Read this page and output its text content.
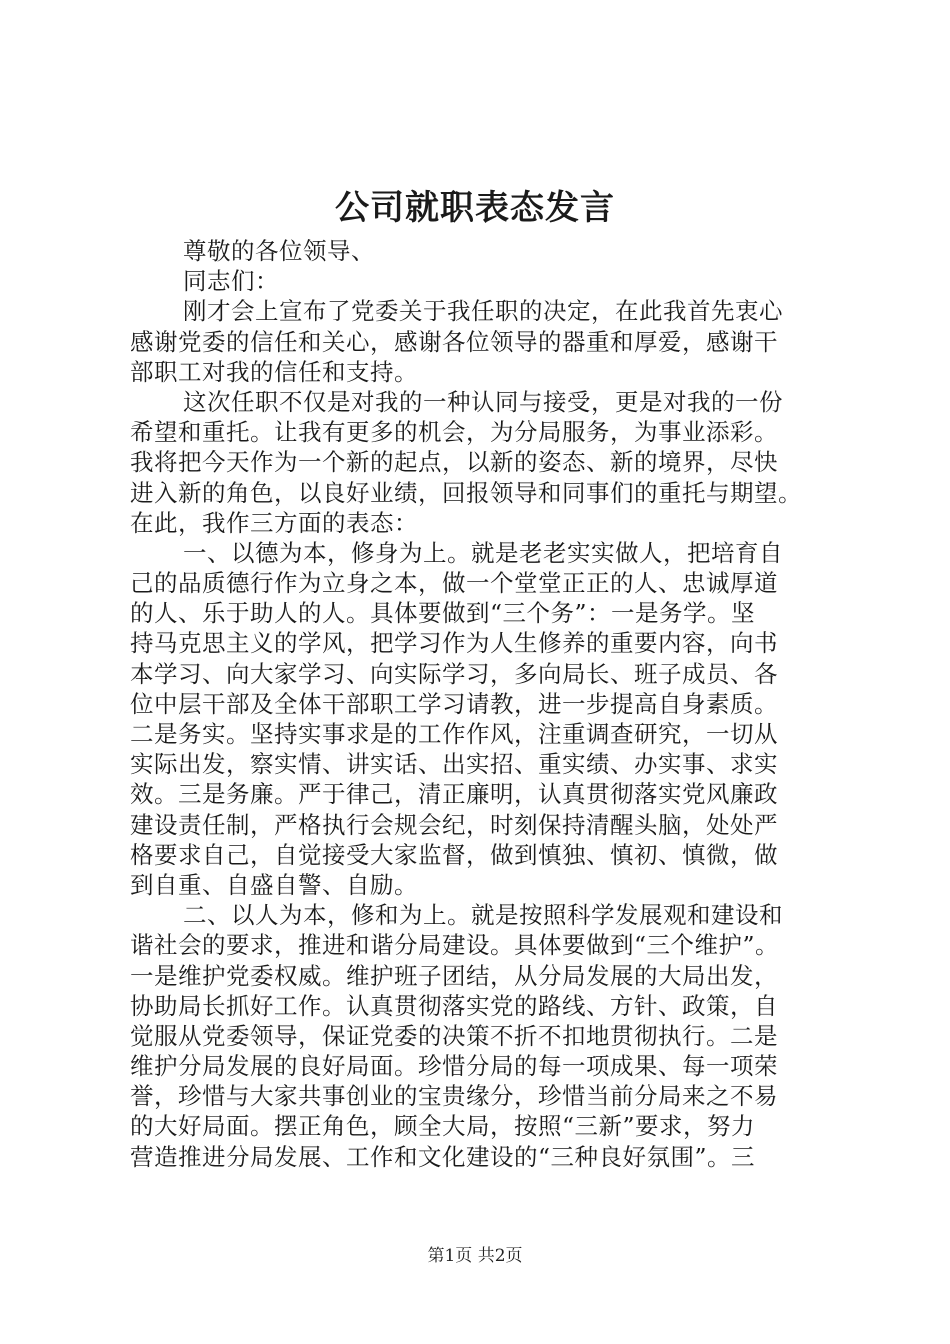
公司就职表态发言
尊敬的各位领导、
同志们：
刚才会上宣布了党委关于我任职的决定，在此我首先衷心
感谢党委的信任和关心，感谢各位领导的器重和厚爱，感谢干
部职工对我的信任和支持。
这次任职不仅是对我的一种认同与接受，更是对我的一份
希望和重托。让我有更多的机会，为分局服务，为事业添彩。
我将把今天作为一个新的起点，以新的姿态、新的境界，尽快
进入新的角色，以良好业绩，回报领导和同事们的重托与期望。
在此，我作三方面的表态：
一、以德为本，修身为上。就是老老实实做人，把培育自
己的品质德行作为立身之本，做一个堂堂正正的人、忠诚厚道
的人、乐于助人的人。具体要做到“三个务”：一是务学。坚
持马克思主义的学风，把学习作为人生修养的重要内容，向书
本学习、向大家学习、向实际学习，多向局长、班子成员、各
位中层干部及全体干部职工学习请教，进一步提高自身素质。
二是务实。坚持实事求是的工作作风，注重调查研究，一切从
实际出发，察实情、讲实话、出实招、重实绩、办实事、求实
效。三是务廉。严于律己，清正廉明，认真贯彻落实党风廉政
建设责任制，严格执行会规会纪，时刻保持清醒头脑，处处严
格要求自己，自觉接受大家监督，做到慎独、慎初、慎微，做
到自重、自盛自警、自励。
二、以人为本，修和为上。就是按照科学发展观和建设和
谐社会的要求，推进和谐分局建设。具体要做到“三个维护”。
一是维护党委权威。维护班子团结，从分局发展的大局出发，
协助局长抓好工作。认真贯彻落实党的路线、方针、政策，自
觉服从党委领导，保证党委的决策不折不扣地贯彻执行。二是
维护分局发展的良好局面。珍惜分局的每一项成果、每一项荣
誉，珍惜与大家共事创业的宝贵缘分，珍惜当前分局来之不易
的大好局面。摆正角色，顾全大局，按照“三新”要求，努力
营造推进分局发展、工作和文化建设的“三种良好氛围”。三
第1页 共2页
